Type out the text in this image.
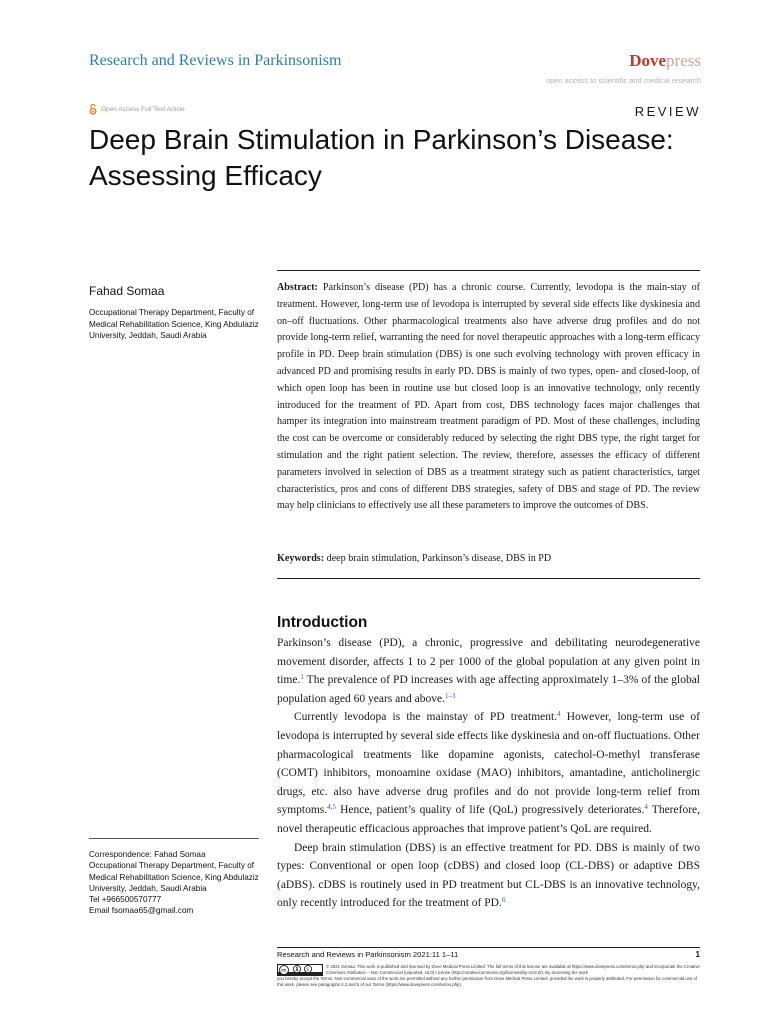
Research and Reviews in Parkinsonism	Dovepress
open access to scientific and medical research
Open Access Full Text Article	REVIEW
Deep Brain Stimulation in Parkinson’s Disease:
Assessing Efficacy
Fahad Somaa
Occupational Therapy Department, Faculty of Medical Rehabilitation Science, King Abdulaziz University, Jeddah, Saudi Arabia
Abstract: Parkinson’s disease (PD) has a chronic course. Currently, levodopa is the main-stay of treatment. However, long-term use of levodopa is interrupted by several side effects like dyskinesia and on–off fluctuations. Other pharmacological treatments also have adverse drug profiles and do not provide long-term relief, warranting the need for novel therapeutic approaches with a long-term efficacy profile in PD. Deep brain stimulation (DBS) is one such evolving technology with proven efficacy in advanced PD and promising results in early PD. DBS is mainly of two types, open- and closed-loop, of which open loop has been in routine use but closed loop is an innovative technology, only recently introduced for the treatment of PD. Apart from cost, DBS technology faces major challenges that hamper its integration into mainstream treatment paradigm of PD. Most of these challenges, including the cost can be overcome or considerably reduced by selecting the right DBS type, the right target for stimulation and the right patient selection. The review, therefore, assesses the efficacy of different parameters involved in selection of DBS as a treatment strategy such as patient characteristics, target characteristics, pros and cons of different DBS strategies, safety of DBS and stage of PD. The review may help clinicians to effectively use all these parameters to improve the outcomes of DBS.
Keywords: deep brain stimulation, Parkinson’s disease, DBS in PD
Introduction

Parkinson’s disease (PD), a chronic, progressive and debilitating neurodegenerative movement disorder, affects 1 to 2 per 1000 of the global population at any given point in time.$^1$ The prevalence of PD increases with age affecting approximately 1–3% of the global population aged 60 years and above.$^{1-3}$

Currently levodopa is the mainstay of PD treatment.$^4$ However, long-term use of levodopa is interrupted by several side effects like dyskinesia and on-off fluctuations. Other pharmacological treatments like dopamine agonists, catechol-O-methyl transferase (COMT) inhibitors, monoamine oxidase (MAO) inhibitors, amantadine, anticholinergic drugs, etc. also have adverse drug profiles and do not provide long-term relief from symptoms.$^{4,5}$ Hence, patient’s quality of life (QoL) progressively deteriorates.$^4$ Therefore, novel therapeutic efficacious approaches that improve patient’s QoL are required.

Deep brain stimulation (DBS) is an effective treatment for PD. DBS is mainly of two types: Conventional or open loop (cDBS) and closed loop (CL-DBS) or adaptive DBS (aDBS). cDBS is routinely used in PD treatment but CL-DBS is an innovative technology, only recently introduced for the treatment of PD.$^6$

Correspondence: Fahad Somaa
Occupational Therapy Department, Faculty of Medical Rehabilitation Science, King Abdulaziz University, Jeddah, Saudi Arabia
Tel +966500570777
Email fsomaa65@gmail.com
Research and Reviews in Parkinsonism 2021:11 1–11	1
$
cc
© 2021 Somaa. This work is published and licensed by Dove Medical Press Limited. The full terms of this license are available at https://www.dovepress.com/terms.php and incorporate the Creative Commons Attribution – Non Commercial (unported, v3.0) License (http://creativecommons.org/licenses/by-nc/3.0/). By accessing the work
you hereby accept the Terms. Non-commercial uses of the work are permitted without any further permission from Dove Medical Press Limited, provided the work is properly attributed. For permission for commercial use of this work, please see paragraphs 4.2 and 5 of our Terms (https://www.dovepress.com/terms.php).
